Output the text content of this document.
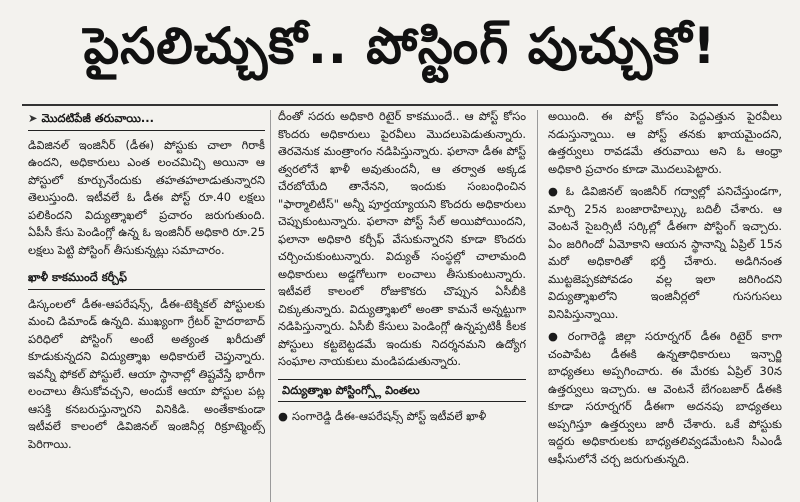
పైసలిచ్చుకో.. పోస్టింగ్ పుచ్చుకో!
➤ మొదటిపేజీ తరువాయి...

డివిజినల్ ఇంజినీర్ (డీఈ) పోస్టుకు చాలా గిరాకీ ఉందని, అధికారులు ఎంత లంచమిచ్చి అయినా ఆ పోస్టులో కూర్చునేందుకు తహతహలాడుతున్నారని తెలుస్తుంది. ఇటీవలే ఓ డీఈ పోస్ట్ రూ.40 లక్షలు పలికిందని విద్యుత్శాఖలో ప్రచారం జరుగుతుంది. ఏపీసీ కేసు పెండింగ్లో ఉన్న ఓ ఇంజినీర్ అధికారి రూ.25 లక్షలు పెట్టి పోస్టింగ్ తీసుకున్నట్లు సమాచారం.

ఖాళీ కాకముందే కర్చీఫ్

డిస్కంలలో డీఈ-ఆపరేషన్స్, డీఈ-టెక్నికల్ పోస్టులకు మంచి డిమాండ్ ఉన్నది. ముఖ్యంగా గ్రేటర్ హైదరాబాద్ పరిధిలో పోస్టింగ్ అంటే అత్యంత ఖరీదుతో కూడుకున్నదని విద్యుత్శాఖ అధికారులే చెప్తున్నారు. ఇవన్నీ ఫోకల్ పోస్టులే. ఆయా స్థానాల్లో తిష్టవేస్తే భారీగా లంచాలు తీసుకోవచ్చని, అందుకే ఆయా పోస్టుల పట్ల ఆసక్తి కనబరుస్తున్నారని వినికిడి. అంతేకాకుండా ఇటీవలే కాలంలో డివిజినల్ ఇంజినీర్ల రిక్రూట్మెంట్స్ పెరిగాయి.

దీంతో సదరు అధికారి రిటైర్ కాకముందే.. ఆ పోస్ట్ కోసం కొందరు అధికారులు పైరవీలు మొదలుపెడుతున్నారు. తెరవెనుక మంత్రాంగం నడిపిస్తున్నారు. ఫలానా డీఈ పోస్ట్ త్వరలోనే ఖాళీ అవుతుందనీ, ఆ తర్వాత అక్కడ చేరబోయేది తానేనని, ఇందుకు సంబంధించిన "ఫార్మాలిటీస్" అన్నీ పూర్తయ్యాయని కొందరు అధికారులు చెప్పుకుంటున్నారు. ఫలానా పోస్ట్ సేల్ అయిపోయిందని, ఫలానా అధికారి కర్చీఫ్ వేసుకున్నారని కూడా కొందరు చర్చించుకుంటున్నారు. విద్యుత్ సంస్థల్లో చాలామంది అధికారులు అడ్డగోలుగా లంచాలు తీసుకుంటున్నారు. ఇటీవలే కాలంలో రోజుకొకరు చొప్పున ఏసీబీకి చిక్కుతున్నారు. విద్యుత్శాఖలో అంతా కామనే అన్నట్టుగా నడిపిస్తున్నారు. ఏసీబీ కేసులు పెండింగ్లో ఉన్నప్పటికీ కీలక పోస్టులు కట్టబెట్టడమే ఇందుకు నిదర్శనమని ఉద్యోగ సంఘాల నాయకులు మండిపడుతున్నారు.

విద్యుత్శాఖ పోస్టింగ్స్లో వింతలు

● సంగారెడ్డి డీఈ-ఆపరేషన్స్ పోస్ట్ ఇటీవలే ఖాళీ

అయింది. ఈ పోస్ట్ కోసం పెద్దఎత్తున పైరవీలు నడుస్తున్నాయి. ఆ పోస్ట్ తనకు ఖాయమైందని, ఉత్తర్వులు రావడమే తరువాయి అని ఓ ఆంధ్రా అధికారి ప్రచారం కూడా మొదలుపెట్టారు.

● ఓ డివిజినల్ ఇంజినీర్ గద్వాల్లో పనిచేస్తుండగా, మార్చి 25న బంజారాహిల్స్కు బదిలీ చేశారు. ఆ వెంటనే సైబర్సిటీ సర్కిల్లో డీఈగా పోస్టింగ్ ఇచ్చారు. ఏం జరిగిందో ఏమోకాని ఆయన స్థానాన్ని ఏప్రిల్ 15న మరో అధికారితో భర్తీ చేశారు. అడిగినంత ముట్టజెప్పకపోవడం వల్ల ఇలా జరిగిందని విద్యుత్శాఖలోని ఇంజినీర్లలో గుసగుసలు వినిపిస్తున్నాయి.

● రంగారెడ్డి జిల్లా సరూర్నగర్ డీఈ రిటైర్ కాగా చంపాపేట డీఈకి ఉన్నతాధికారులు ఇన్చార్జి బాధ్యతలు అప్పగించారు. ఈ మేరకు ఏప్రిల్ 30న ఉత్తర్వులు ఇచ్చారు. ఆ వెంటనే బేగంబజార్ డీఈకి కూడా సరూర్నగర్ డీఈగా అదనపు బాధ్యతలు అప్పగిస్తూ ఉత్తర్వులు జారీ చేశారు. ఒకే పోస్టుకు ఇద్దరు అధికారులకు బాధ్యతలివ్వడమేంటని సీఎండీ ఆఫీసులోనే చర్చ జరుగుతున్నది.
